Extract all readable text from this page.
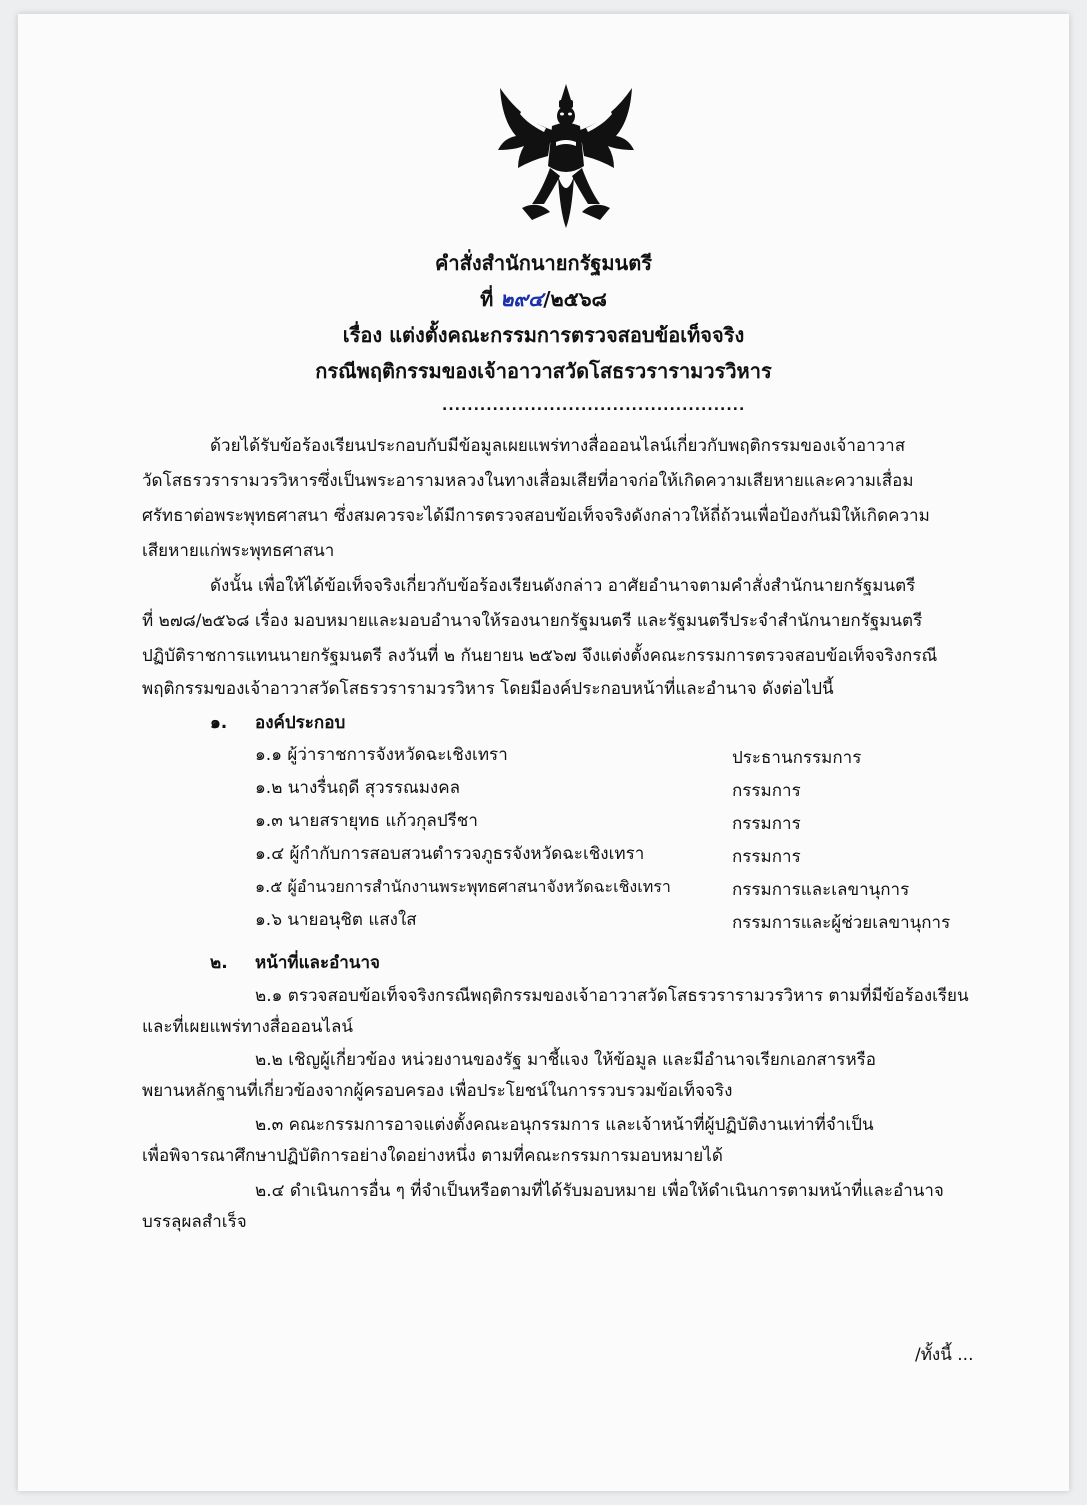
คำสั่งสำนักนายกรัฐมนตรี
ที่ ๒๙๔/๒๕๖๘
เรื่อง แต่งตั้งคณะกรรมการตรวจสอบข้อเท็จจริง
กรณีพฤติกรรมของเจ้าอาวาสวัดโสธรวรารามวรวิหาร
................................................
ด้วยได้รับข้อร้องเรียนประกอบกับมีข้อมูลเผยแพร่ทางสื่อออนไลน์เกี่ยวกับพฤติกรรมของเจ้าอาวาส
วัดโสธรวรารามวรวิหารซึ่งเป็นพระอารามหลวงในทางเสื่อมเสียที่อาจก่อให้เกิดความเสียหายและความเสื่อม
ศรัทธาต่อพระพุทธศาสนา ซึ่งสมควรจะได้มีการตรวจสอบข้อเท็จจริงดังกล่าวให้ถี่ถ้วนเพื่อป้องกันมิให้เกิดความ
เสียหายแก่พระพุทธศาสนา
ดังนั้น เพื่อให้ได้ข้อเท็จจริงเกี่ยวกับข้อร้องเรียนดังกล่าว อาศัยอำนาจตามคำสั่งสำนักนายกรัฐมนตรี
ที่ ๒๗๘/๒๕๖๘ เรื่อง มอบหมายและมอบอำนาจให้รองนายกรัฐมนตรี และรัฐมนตรีประจำสำนักนายกรัฐมนตรี
ปฏิบัติราชการแทนนายกรัฐมนตรี ลงวันที่ ๒ กันยายน ๒๕๖๗ จึงแต่งตั้งคณะกรรมการตรวจสอบข้อเท็จจริงกรณี
พฤติกรรมของเจ้าอาวาสวัดโสธรวรารามวรวิหาร โดยมีองค์ประกอบหน้าที่และอำนาจ ดังต่อไปนี้
๑. องค์ประกอบ
๑.๑ ผู้ว่าราชการจังหวัดฉะเชิงเทรา	ประธานกรรมการ
๑.๒ นางรื่นฤดี สุวรรณมงคล	กรรมการ
๑.๓ นายสรายุทธ แก้วกุลปรีชา	กรรมการ
๑.๔ ผู้กำกับการสอบสวนตำรวจภูธรจังหวัดฉะเชิงเทรา	กรรมการ
๑.๕ ผู้อำนวยการสำนักงานพระพุทธศาสนาจังหวัดฉะเชิงเทรา	กรรมการและเลขานุการ
๑.๖ นายอนุชิต แสงใส	กรรมการและผู้ช่วยเลขานุการ
๒. หน้าที่และอำนาจ
๒.๑ ตรวจสอบข้อเท็จจริงกรณีพฤติกรรมของเจ้าอาวาสวัดโสธรวรารามวรวิหาร ตามที่มีข้อร้องเรียน
และที่เผยแพร่ทางสื่อออนไลน์
๒.๒ เชิญผู้เกี่ยวข้อง หน่วยงานของรัฐ มาชี้แจง ให้ข้อมูล และมีอำนาจเรียกเอกสารหรือ
พยานหลักฐานที่เกี่ยวข้องจากผู้ครอบครอง เพื่อประโยชน์ในการรวบรวมข้อเท็จจริง
๒.๓ คณะกรรมการอาจแต่งตั้งคณะอนุกรรมการ และเจ้าหน้าที่ผู้ปฏิบัติงานเท่าที่จำเป็น
เพื่อพิจารณาศึกษาปฏิบัติการอย่างใดอย่างหนึ่ง ตามที่คณะกรรมการมอบหมายได้
๒.๔ ดำเนินการอื่น ๆ ที่จำเป็นหรือตามที่ได้รับมอบหมาย เพื่อให้ดำเนินการตามหน้าที่และอำนาจ
บรรลุผลสำเร็จ
/ทั้งนี้ ...
